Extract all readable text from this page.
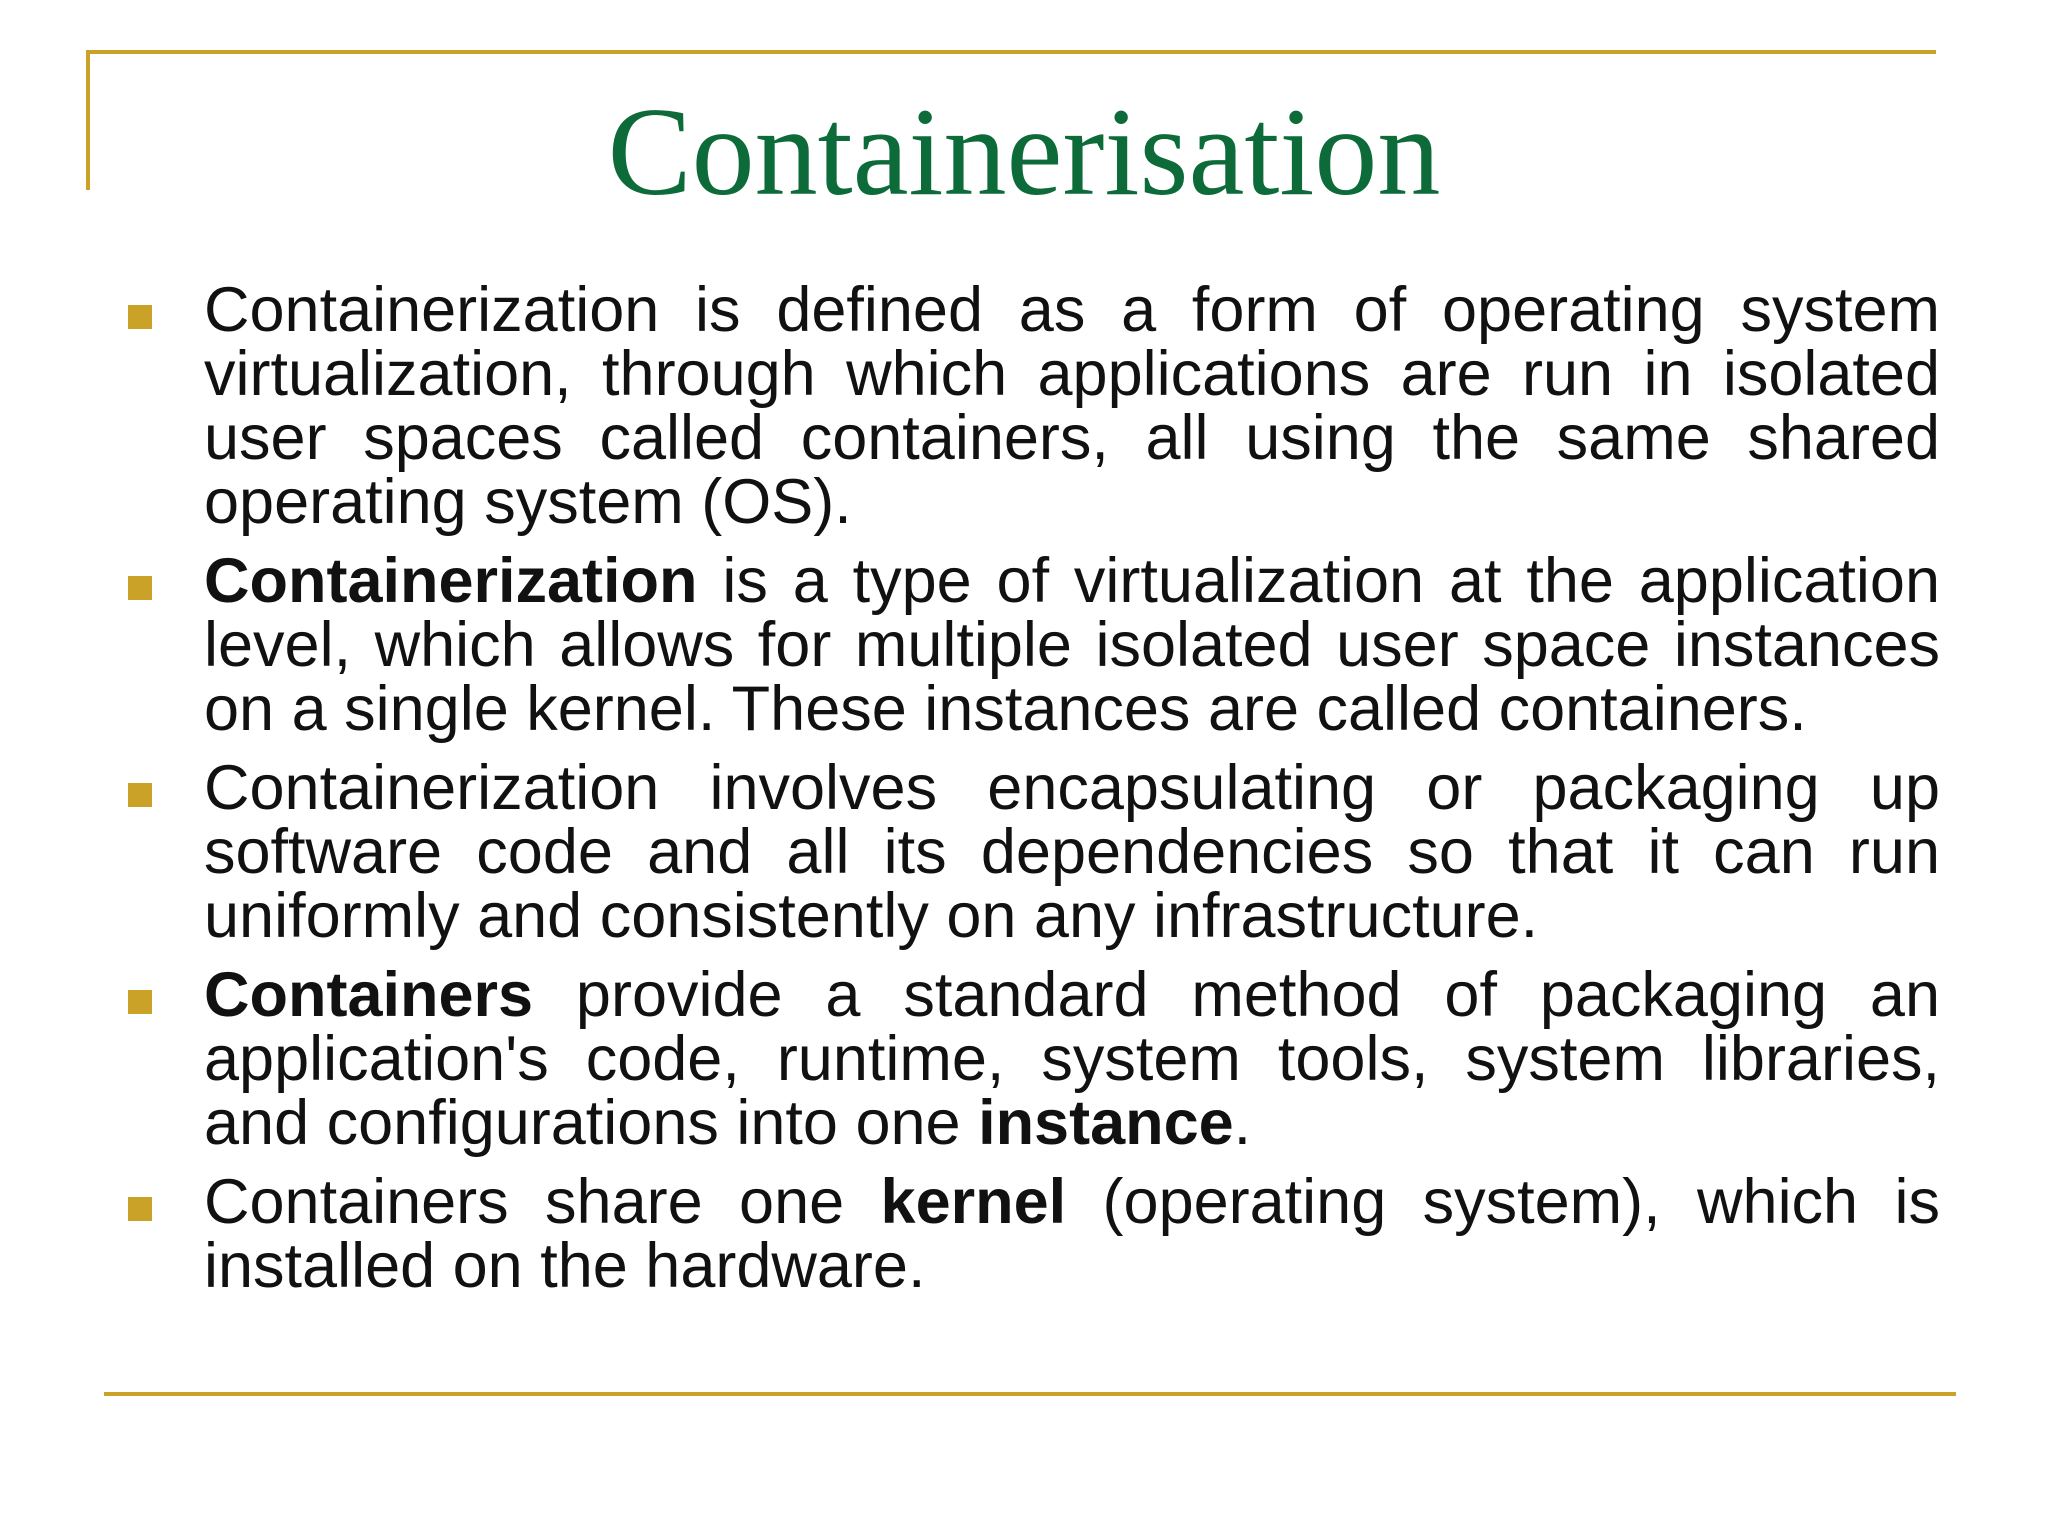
Containerisation
Containerization is defined as a form of operating system virtualization, through which applications are run in isolated user spaces called containers, all using the same shared operating system (OS).
Containerization is a type of virtualization at the application level, which allows for multiple isolated user space instances on a single kernel. These instances are called containers.
Containerization involves encapsulating or packaging up software code and all its dependencies so that it can run uniformly and consistently on any infrastructure.
Containers provide a standard method of packaging an application's code, runtime, system tools, system libraries, and configurations into one instance.
Containers share one kernel (operating system), which is installed on the hardware.
